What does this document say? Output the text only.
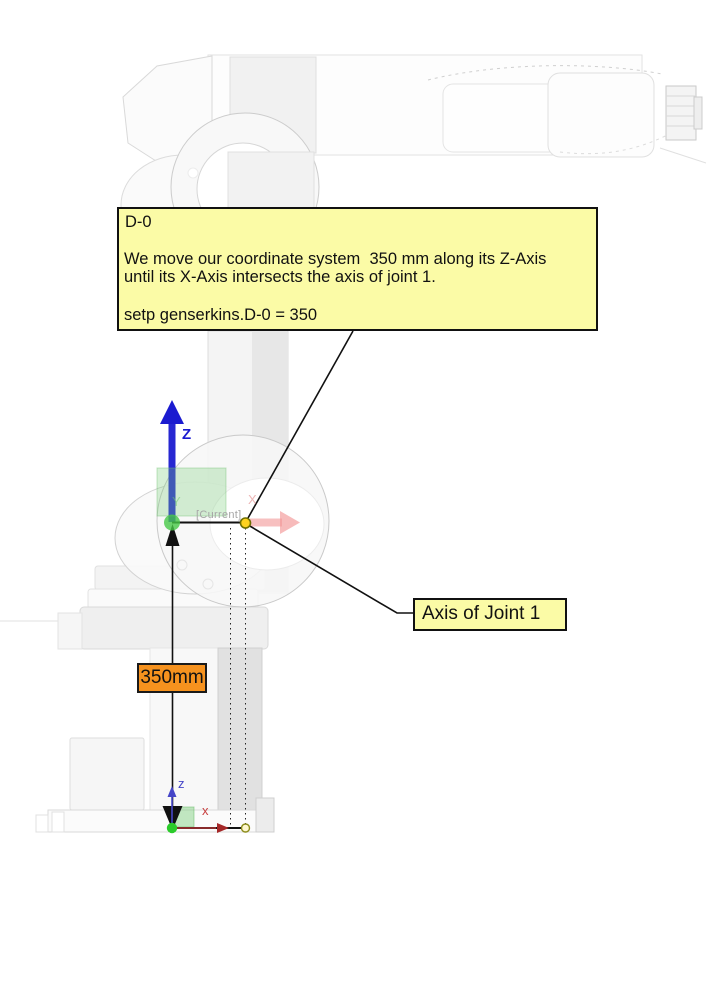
D-0
We move our coordinate system  350 mm along its Z-Axis
until its X-Axis intersects the axis of joint 1.
setp genserkins.D-0 = 350
Axis of Joint 1
350mm
[Current]
Z
z
x
X
Y
